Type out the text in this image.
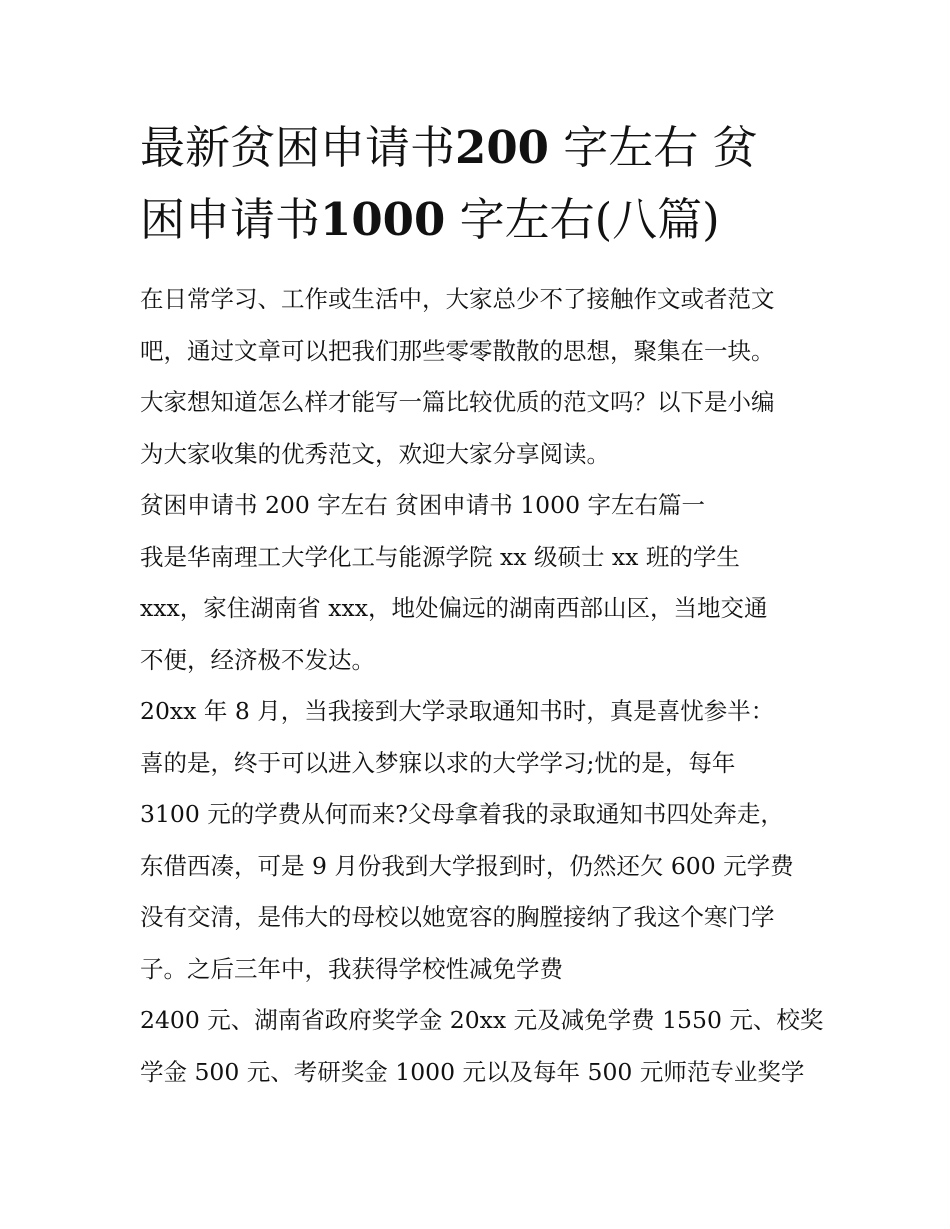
最新贫困申请书200 字左右 贫
困申请书1000 字左右(八篇)
在日常学习、工作或生活中，大家总少不了接触作文或者范文
吧，通过文章可以把我们那些零零散散的思想，聚集在一块。
大家想知道怎么样才能写一篇比较优质的范文吗？以下是小编
为大家收集的优秀范文，欢迎大家分享阅读。
贫困申请书 200 字左右 贫困申请书 1000 字左右篇一
我是华南理工大学化工与能源学院 xx 级硕士 xx 班的学生
xxx，家住湖南省 xxx，地处偏远的湖南西部山区，当地交通
不便，经济极不发达。
20xx 年 8 月，当我接到大学录取通知书时，真是喜忧参半：
喜的是，终于可以进入梦寐以求的大学学习;忧的是，每年
3100 元的学费从何而来?父母拿着我的录取通知书四处奔走，
东借西凑，可是 9 月份我到大学报到时，仍然还欠 600 元学费
没有交清，是伟大的母校以她宽容的胸膛接纳了我这个寒门学
子。之后三年中，我获得学校性减免学费
2400 元、湖南省政府奖学金 20xx 元及减免学费 1550 元、校奖
学金 500 元、考研奖金 1000 元以及每年 500 元师范专业奖学
